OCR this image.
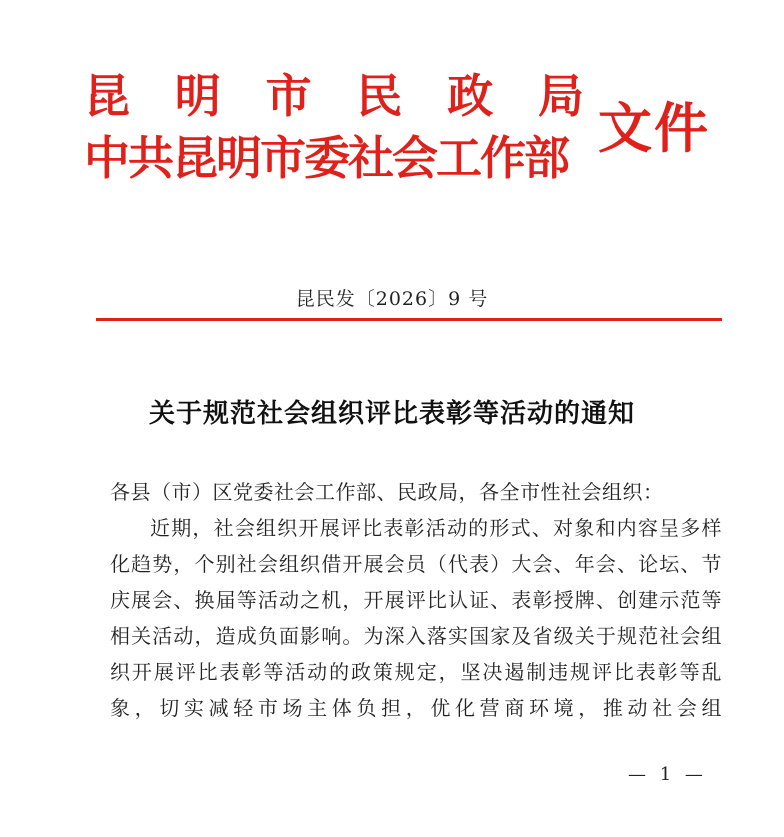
昆 明 市 民 政 局
中共昆明市委社会工作部 文件
昆民发〔2026〕9 号
关于规范社会组织评比表彰等活动的通知
各县（市）区党委社会工作部、民政局，各全市性社会组织：
近期，社会组织开展评比表彰活动的形式、对象和内容呈多样化趋势，个别社会组织借开展会员（代表）大会、年会、论坛、节庆展会、换届等活动之机，开展评比认证、表彰授牌、创建示范等相关活动，造成负面影响。为深入落实国家及省级关于规范社会组织开展评比表彰等活动的政策规定，坚决遏制违规评比表彰等乱象，切实减轻市场主体负担，优化营商环境，推动社会组
— 1 —
